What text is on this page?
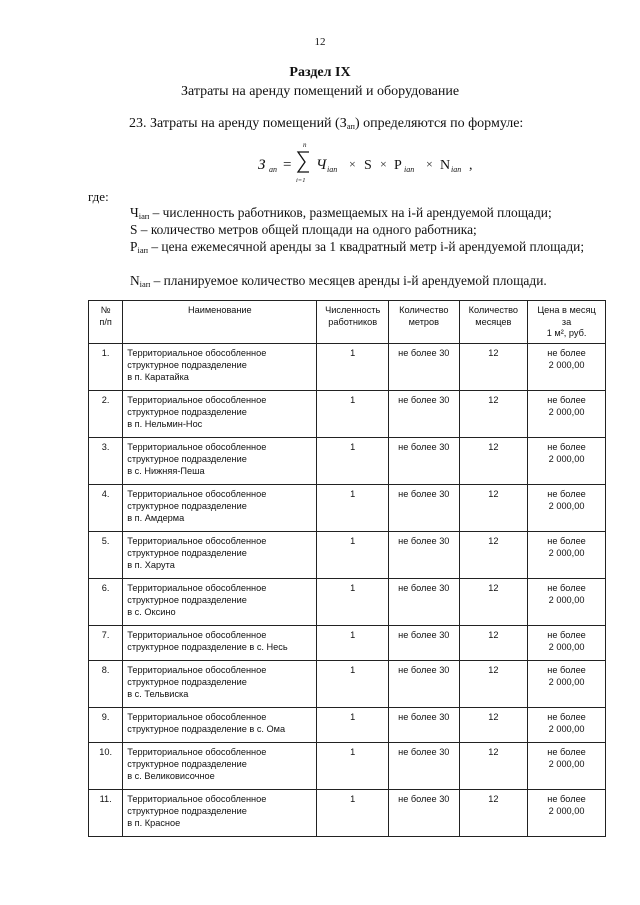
12
Раздел IX
Затраты на аренду помещений и оборудование
23. Затраты на аренду помещений $(З_{ап})$ определяются по формуле:
З ап =
n
i=1
Ч iап × S × P iап × N iап ,
где:
$Ч_{iап}$ – численность работников, размещаемых на i-й арендуемой площади;
S – количество метров общей площади на одного работника;
$P_{iап}$ – цена ежемесячной аренды за 1 квадратный метр i-й арендуемой площади;
$N_{iап}$ – планируемое количество месяцев аренды i-й арендуемой площади.
№
п/п	Наименование	Численность
работников	Количество
метров	Количество
месяцев	Цена в месяц за
1 м², руб.
1.	Территориальное обособленное
структурное подразделение
в п. Каратайка	1	не более 30	12	не более
2 000,00
2.	Территориальное обособленное
структурное подразделение
в п. Нельмин-Нос	1	не более 30	12	не более
2 000,00
3.	Территориальное обособленное
структурное подразделение
в с. Нижняя-Пеша	1	не более 30	12	не более
2 000,00
4.	Территориальное обособленное
структурное подразделение
в п. Амдерма	1	не более 30	12	не более
2 000,00
5.	Территориальное обособленное
структурное подразделение
в п. Харута	1	не более 30	12	не более
2 000,00
6.	Территориальное обособленное
структурное подразделение
в с. Оксино	1	не более 30	12	не более
2 000,00
7.	Территориальное обособленное
структурное подразделение в с. Несь	1	не более 30	12	не более
2 000,00
8.	Территориальное обособленное
структурное подразделение
в с. Тельвиска	1	не более 30	12	не более
2 000,00
9.	Территориальное обособленное
структурное подразделение в с. Ома	1	не более 30	12	не более
2 000,00
10.	Территориальное обособленное
структурное подразделение
в с. Великовисочное	1	не более 30	12	не более
2 000,00
11.	Территориальное обособленное
структурное подразделение
в п. Красное	1	не более 30	12	не более
2 000,00
